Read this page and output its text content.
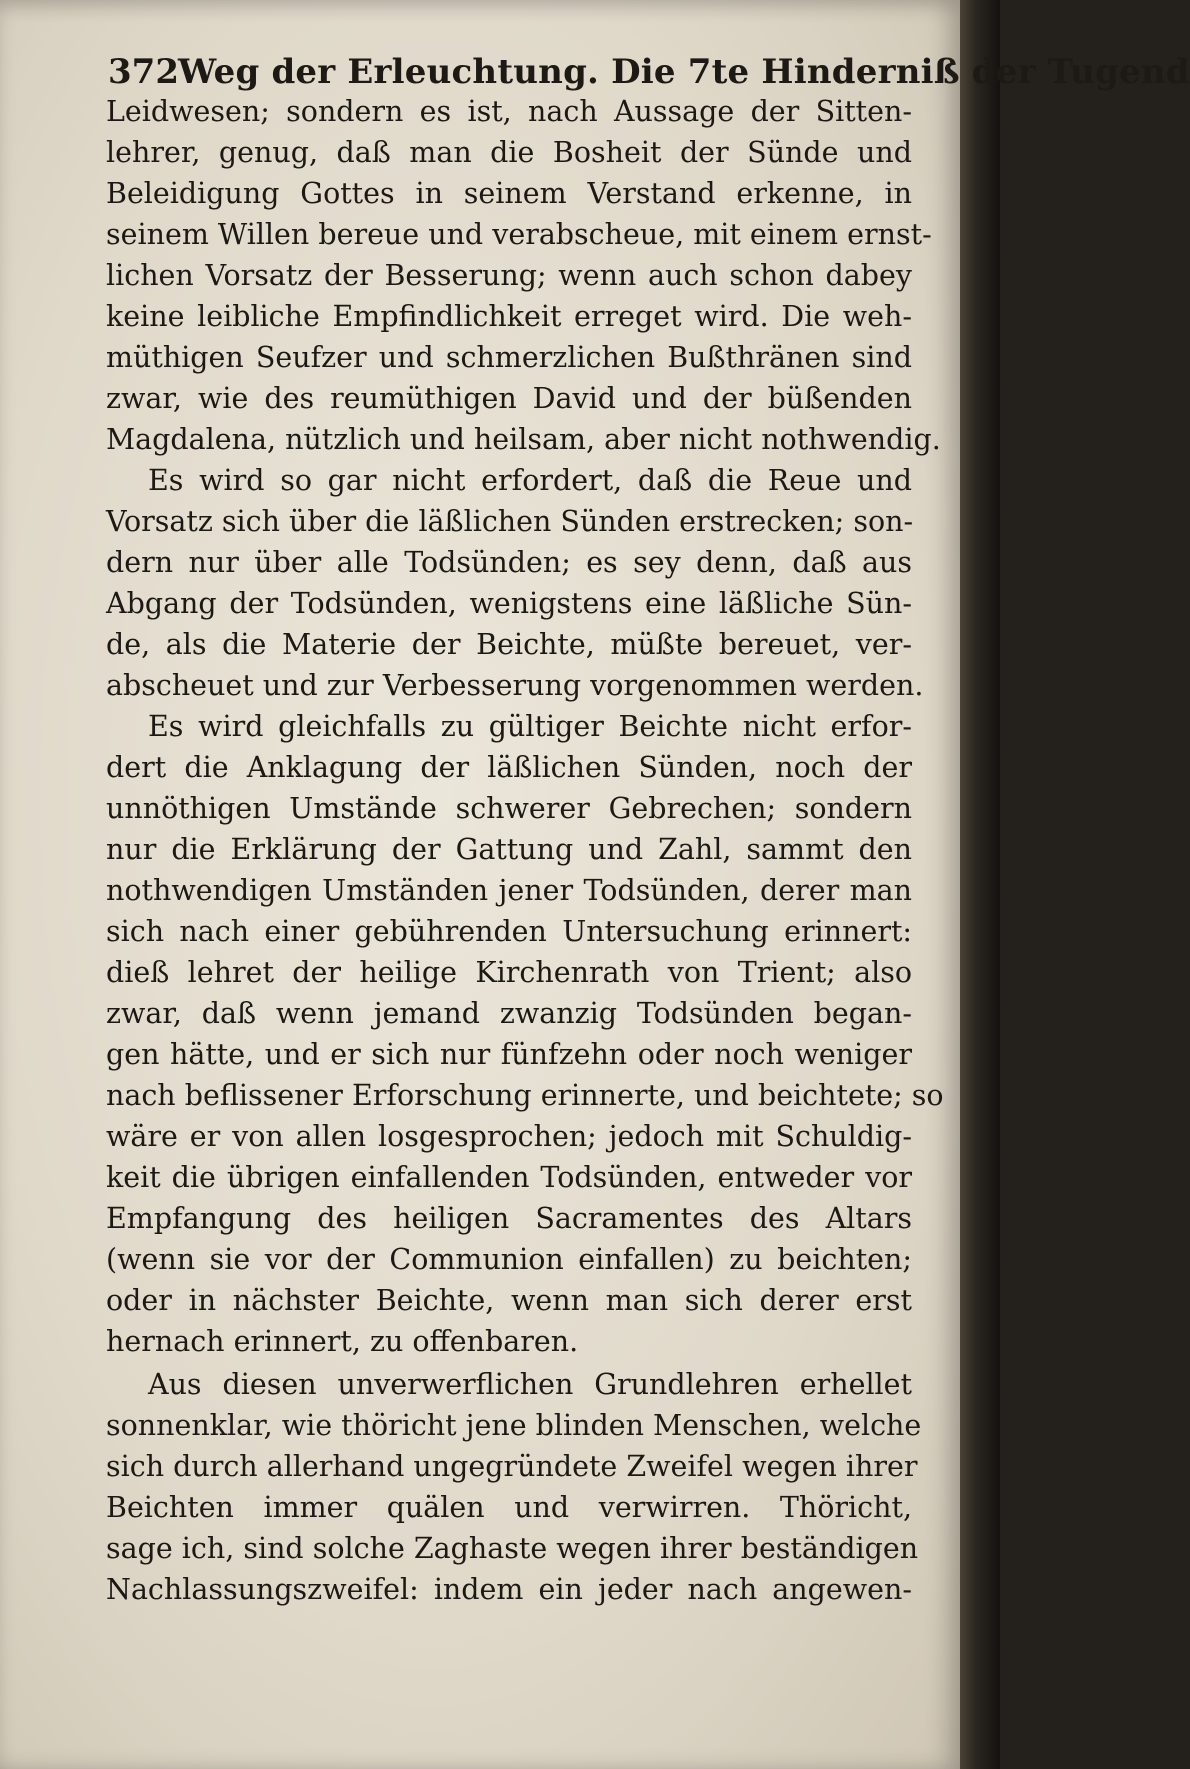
372 Weg der Erleuchtung. Die 7te Hinderniß der Tugend
Leidwesen; sondern es ist, nach Aussage der Sitten-
lehrer, genug, daß man die Bosheit der Sünde und
Beleidigung Gottes in seinem Verstand erkenne, in
seinem Willen bereue und verabscheue, mit einem ernst-
lichen Vorsatz der Besserung; wenn auch schon dabey
keine leibliche Empfindlichkeit erreget wird. Die weh-
müthigen Seufzer und schmerzlichen Bußthränen sind
zwar, wie des reumüthigen David und der büßenden
Magdalena, nützlich und heilsam, aber nicht nothwendig.
Es wird so gar nicht erfordert, daß die Reue und
Vorsatz sich über die läßlichen Sünden erstrecken; son-
dern nur über alle Todsünden; es sey denn, daß aus
Abgang der Todsünden, wenigstens eine läßliche Sün-
de, als die Materie der Beichte, müßte bereuet, ver-
abscheuet und zur Verbesserung vorgenommen werden.
Es wird gleichfalls zu gültiger Beichte nicht erfor-
dert die Anklagung der läßlichen Sünden, noch der
unnöthigen Umstände schwerer Gebrechen; sondern
nur die Erklärung der Gattung und Zahl, sammt den
nothwendigen Umständen jener Todsünden, derer man
sich nach einer gebührenden Untersuchung erinnert:
dieß lehret der heilige Kirchenrath von Trient; also
zwar, daß wenn jemand zwanzig Todsünden began-
gen hätte, und er sich nur fünfzehn oder noch weniger
nach beflissener Erforschung erinnerte, und beichtete; so
wäre er von allen losgesprochen; jedoch mit Schuldig-
keit die übrigen einfallenden Todsünden, entweder vor
Empfangung des heiligen Sacramentes des Altars
(wenn sie vor der Communion einfallen) zu beichten;
oder in nächster Beichte, wenn man sich derer erst
hernach erinnert, zu offenbaren.
Aus diesen unverwerflichen Grundlehren erhellet
sonnenklar, wie thöricht jene blinden Menschen, welche
sich durch allerhand ungegründete Zweifel wegen ihrer
Beichten immer quälen und verwirren. Thöricht,
sage ich, sind solche Zaghaste wegen ihrer beständigen
Nachlassungszweifel: indem ein jeder nach angewen-
